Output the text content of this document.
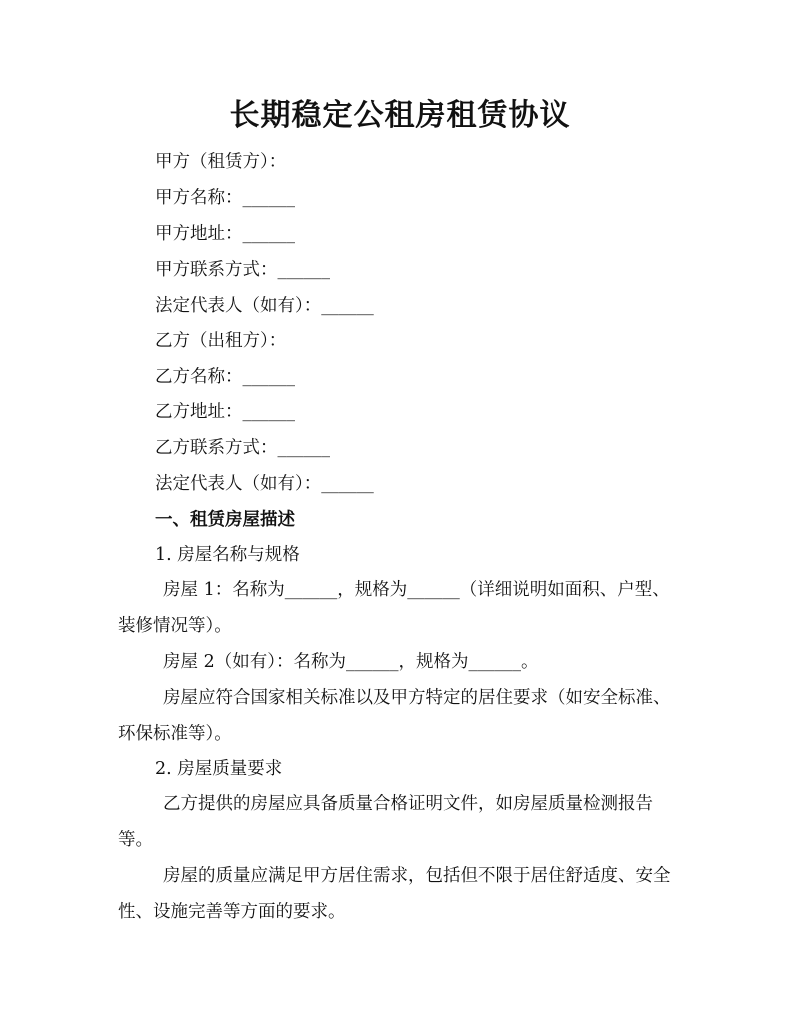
长期稳定公租房租赁协议
甲方（租赁方）：
甲方名称：______
甲方地址：______
甲方联系方式：______
法定代表人（如有）：______
乙方（出租方）：
乙方名称：______
乙方地址：______
乙方联系方式：______
法定代表人（如有）：______
一、租赁房屋描述
1. 房屋名称与规格
房屋 1：名称为______，规格为______（详细说明如面积、户型、装修情况等）。
房屋 2（如有）：名称为______，规格为______。
房屋应符合国家相关标准以及甲方特定的居住要求（如安全标准、环保标准等）。
2. 房屋质量要求
乙方提供的房屋应具备质量合格证明文件，如房屋质量检测报告等。
房屋的质量应满足甲方居住需求，包括但不限于居住舒适度、安全性、设施完善等方面的要求。
